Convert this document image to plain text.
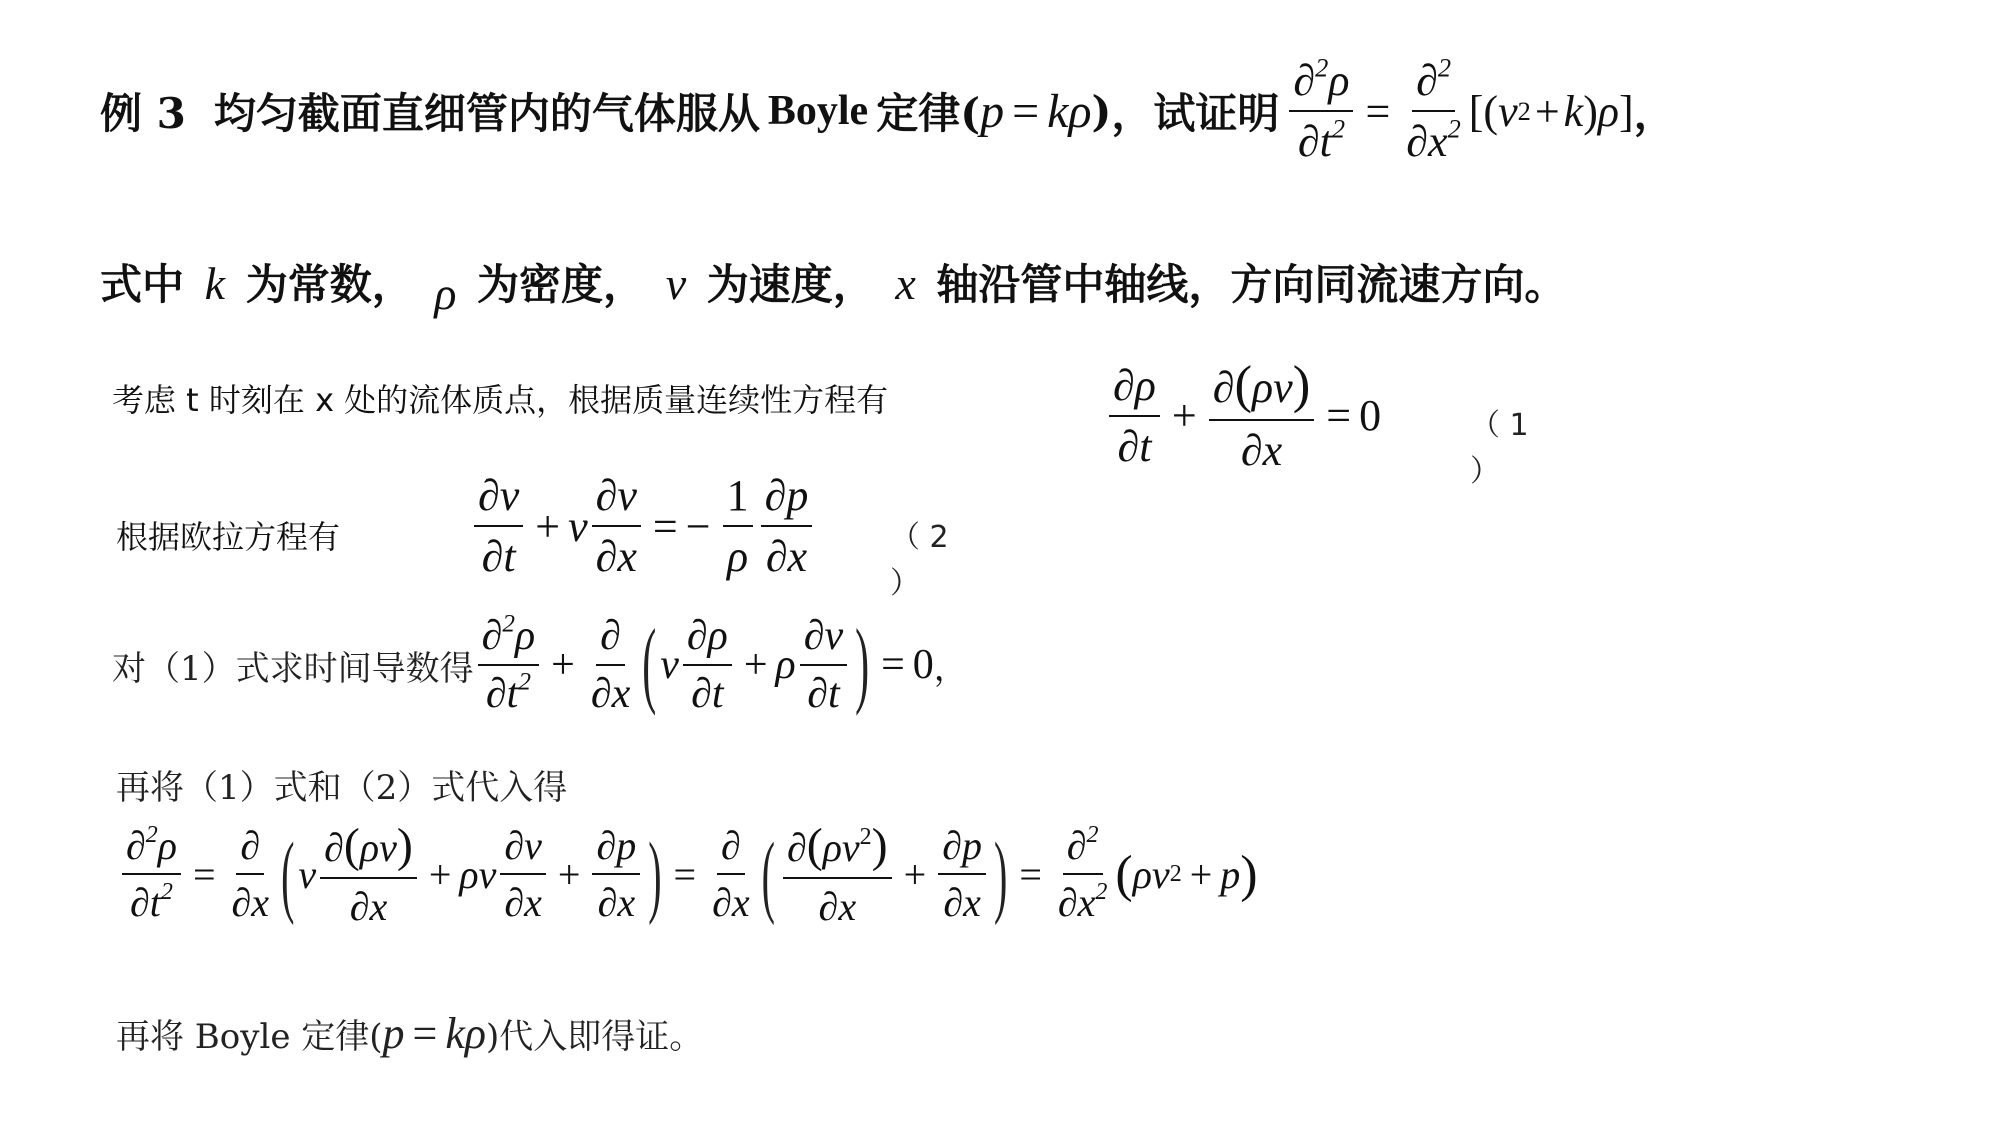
例 3 均匀截面直细管内的气体服从 Boyle 定律( p = kρ ) ，试证明 $\frac{\partial^2\rho}{\partial t^2} = \frac{\partial^2}{\partial x^2}$ [( v 2 + k ) ρ ] ，
式中 k 为常数， ρ 为密度， v 为速度， x 轴沿管中轴线，方向同流速方向。
考虑 t 时刻在 x 处的流体质点，根据质量连续性方程有	$\frac{\partial\rho}{\partial t} + \frac{\partial(\rho v)}{\partial x} = 0$	（ 1
）
根据欧拉方程有	$\frac{\partial v}{\partial t} + v \frac{\partial v}{\partial x}$ = − $\frac{1}{\rho} \frac{\partial p}{\partial x}$	（ 2
）
对（1）式求时间导数得 $\frac{\partial^2\rho}{\partial t^2} + \frac{\partial}{\partial x}$ ( v $\frac{\partial\rho}{\partial t} + \rho \frac{\partial v}{\partial t}$ ) = 0 ，
再将（1）式和（2）式代入得
$\frac{\partial^2\rho}{\partial t^2} = \frac{\partial}{\partial x}$ ( v $\frac{\partial(\rho v)}{\partial x} + \rho v \frac{\partial v}{\partial x} + \frac{\partial p}{\partial x}$ ) = $\frac{\partial}{\partial x}$ ( $\frac{\partial(\rho v^2)}{\partial x} + \frac{\partial p}{\partial x}$ ) = $\frac{\partial^2}{\partial x^2}$ ( ρv 2 + p )
再将 Boyle 定律( p = kρ )代入即得证。
